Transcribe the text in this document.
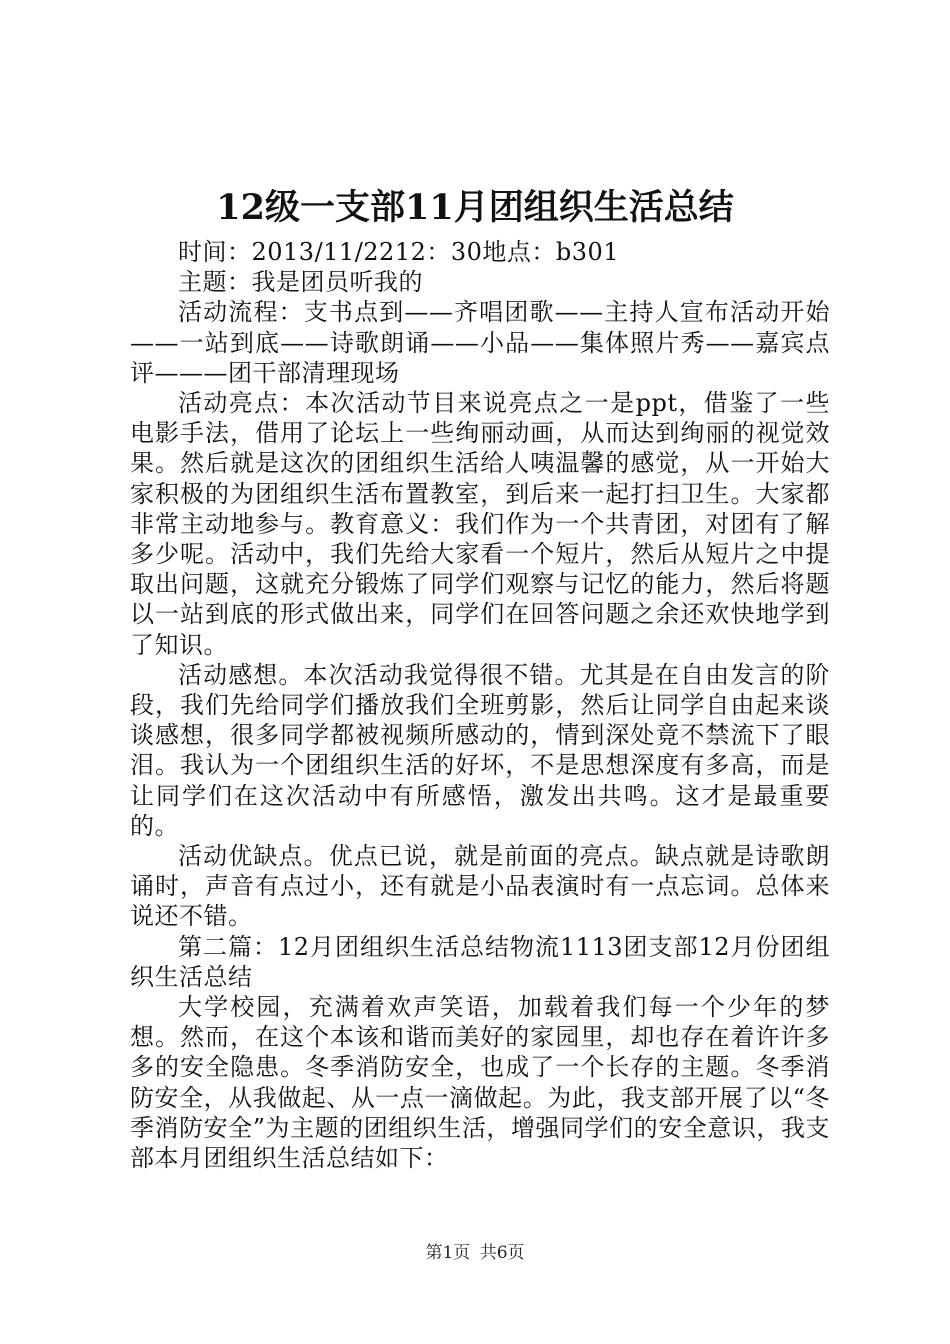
12级一支部11月团组织生活总结

时间：2013/11/2212：30地点：b301

主题：我是团员听我的

活动流程：支书点到——齐唱团歌——主持人宣布活动开始——一站到底——诗歌朗诵——小品——集体照片秀——嘉宾点评———团干部清理现场

活动亮点：本次活动节目来说亮点之一是ppt，借鉴了一些电影手法，借用了论坛上一些绚丽动画，从而达到绚丽的视觉效果。然后就是这次的团组织生活给人咦温馨的感觉，从一开始大家积极的为团组织生活布置教室，到后来一起打扫卫生。大家都非常主动地参与。教育意义：我们作为一个共青团，对团有了解多少呢。活动中，我们先给大家看一个短片，然后从短片之中提取出问题，这就充分锻炼了同学们观察与记忆的能力，然后将题以一站到底的形式做出来，同学们在回答问题之余还欢快地学到了知识。

活动感想。本次活动我觉得很不错。尤其是在自由发言的阶段，我们先给同学们播放我们全班剪影，然后让同学自由起来谈谈感想，很多同学都被视频所感动的，情到深处竟不禁流下了眼泪。我认为一个团组织生活的好坏，不是思想深度有多高，而是让同学们在这次活动中有所感悟，激发出共鸣。这才是最重要的。

活动优缺点。优点已说，就是前面的亮点。缺点就是诗歌朗诵时，声音有点过小，还有就是小品表演时有一点忘词。总体来说还不错。

第二篇：12月团组织生活总结物流1113团支部12月份团组织生活总结

大学校园，充满着欢声笑语，加载着我们每一个少年的梦想。然而，在这个本该和谐而美好的家园里，却也存在着许许多多的安全隐患。冬季消防安全，也成了一个长存的主题。冬季消防安全，从我做起、从一点一滴做起。为此，我支部开展了以“冬季消防安全”为主题的团组织生活，增强同学们的安全意识，我支部本月团组织生活总结如下：

第1页 共6页
